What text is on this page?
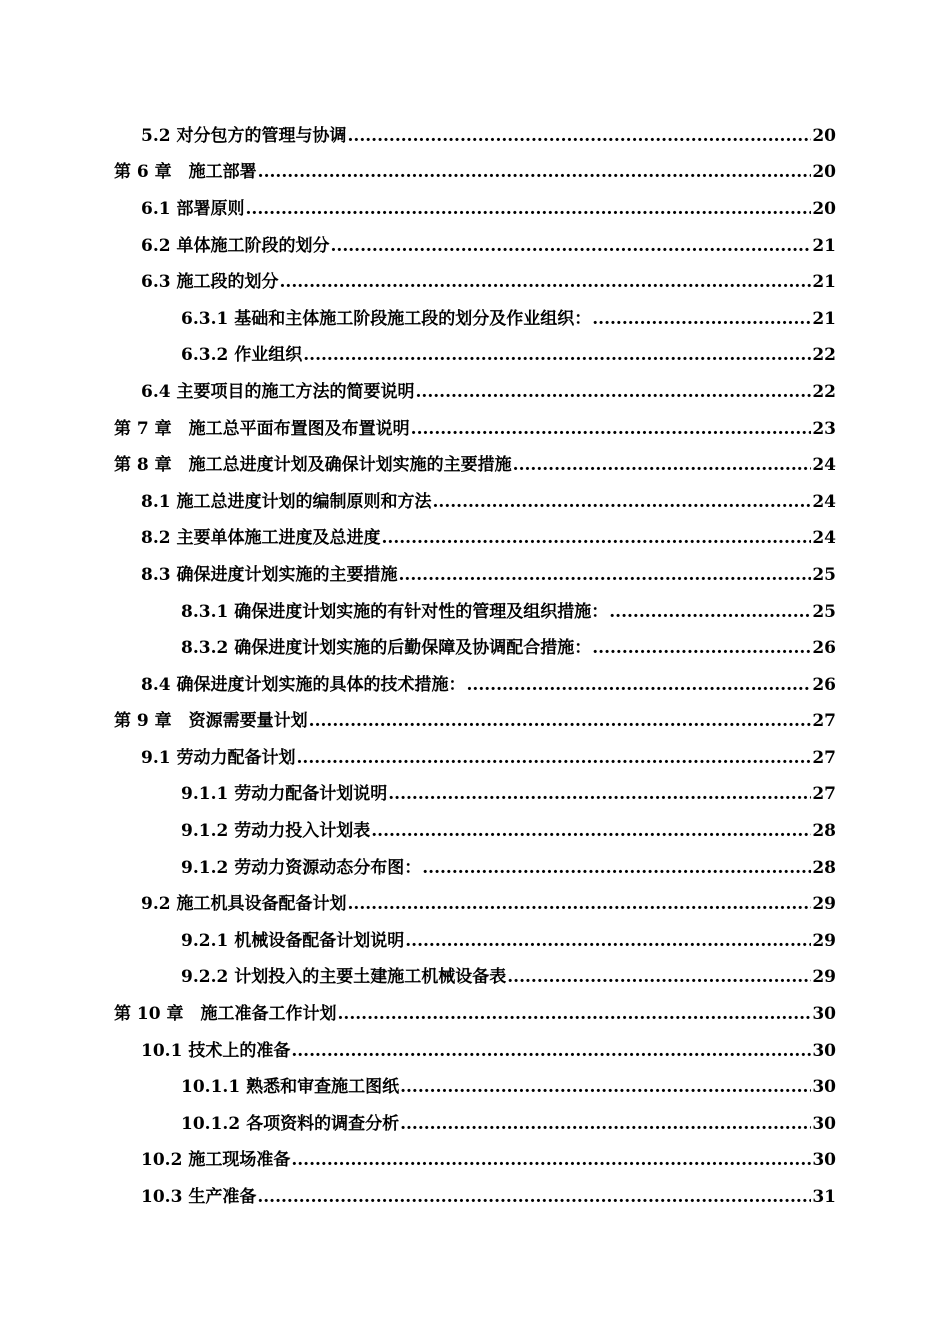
5.2 对分包方的管理与协调 .....	20
第 6 章　施工部署 .....	20
6.1 部署原则 .....	20
6.2 单体施工阶段的划分 .....	21
6.3 施工段的划分 .....	21
6.3.1 基础和主体施工阶段施工段的划分及作业组织： .....	21
6.3.2 作业组织 .....	22
6.4 主要项目的施工方法的简要说明 .....	22
第 7 章　施工总平面布置图及布置说明 .....	23
第 8 章　施工总进度计划及确保计划实施的主要措施 .....	24
8.1 施工总进度计划的编制原则和方法 .....	24
8.2 主要单体施工进度及总进度 .....	24
8.3 确保进度计划实施的主要措施 .....	25
8.3.1 确保进度计划实施的有针对性的管理及组织措施： .....	25
8.3.2 确保进度计划实施的后勤保障及协调配合措施： .....	26
8.4 确保进度计划实施的具体的技术措施： .....	26
第 9 章　资源需要量计划 .....	27
9.1 劳动力配备计划 .....	27
9.1.1 劳动力配备计划说明 .....	27
9.1.2 劳动力投入计划表 .....	28
9.1.2 劳动力资源动态分布图： .....	28
9.2 施工机具设备配备计划 .....	29
9.2.1 机械设备配备计划说明 .....	29
9.2.2 计划投入的主要土建施工机械设备表 .....	29
第 10 章　施工准备工作计划 .....	30
10.1 技术上的准备 .....	30
10.1.1 熟悉和审查施工图纸 .....	30
10.1.2 各项资料的调查分析 .....	30
10.2 施工现场准备 .....	30
10.3 生产准备 .....	31
